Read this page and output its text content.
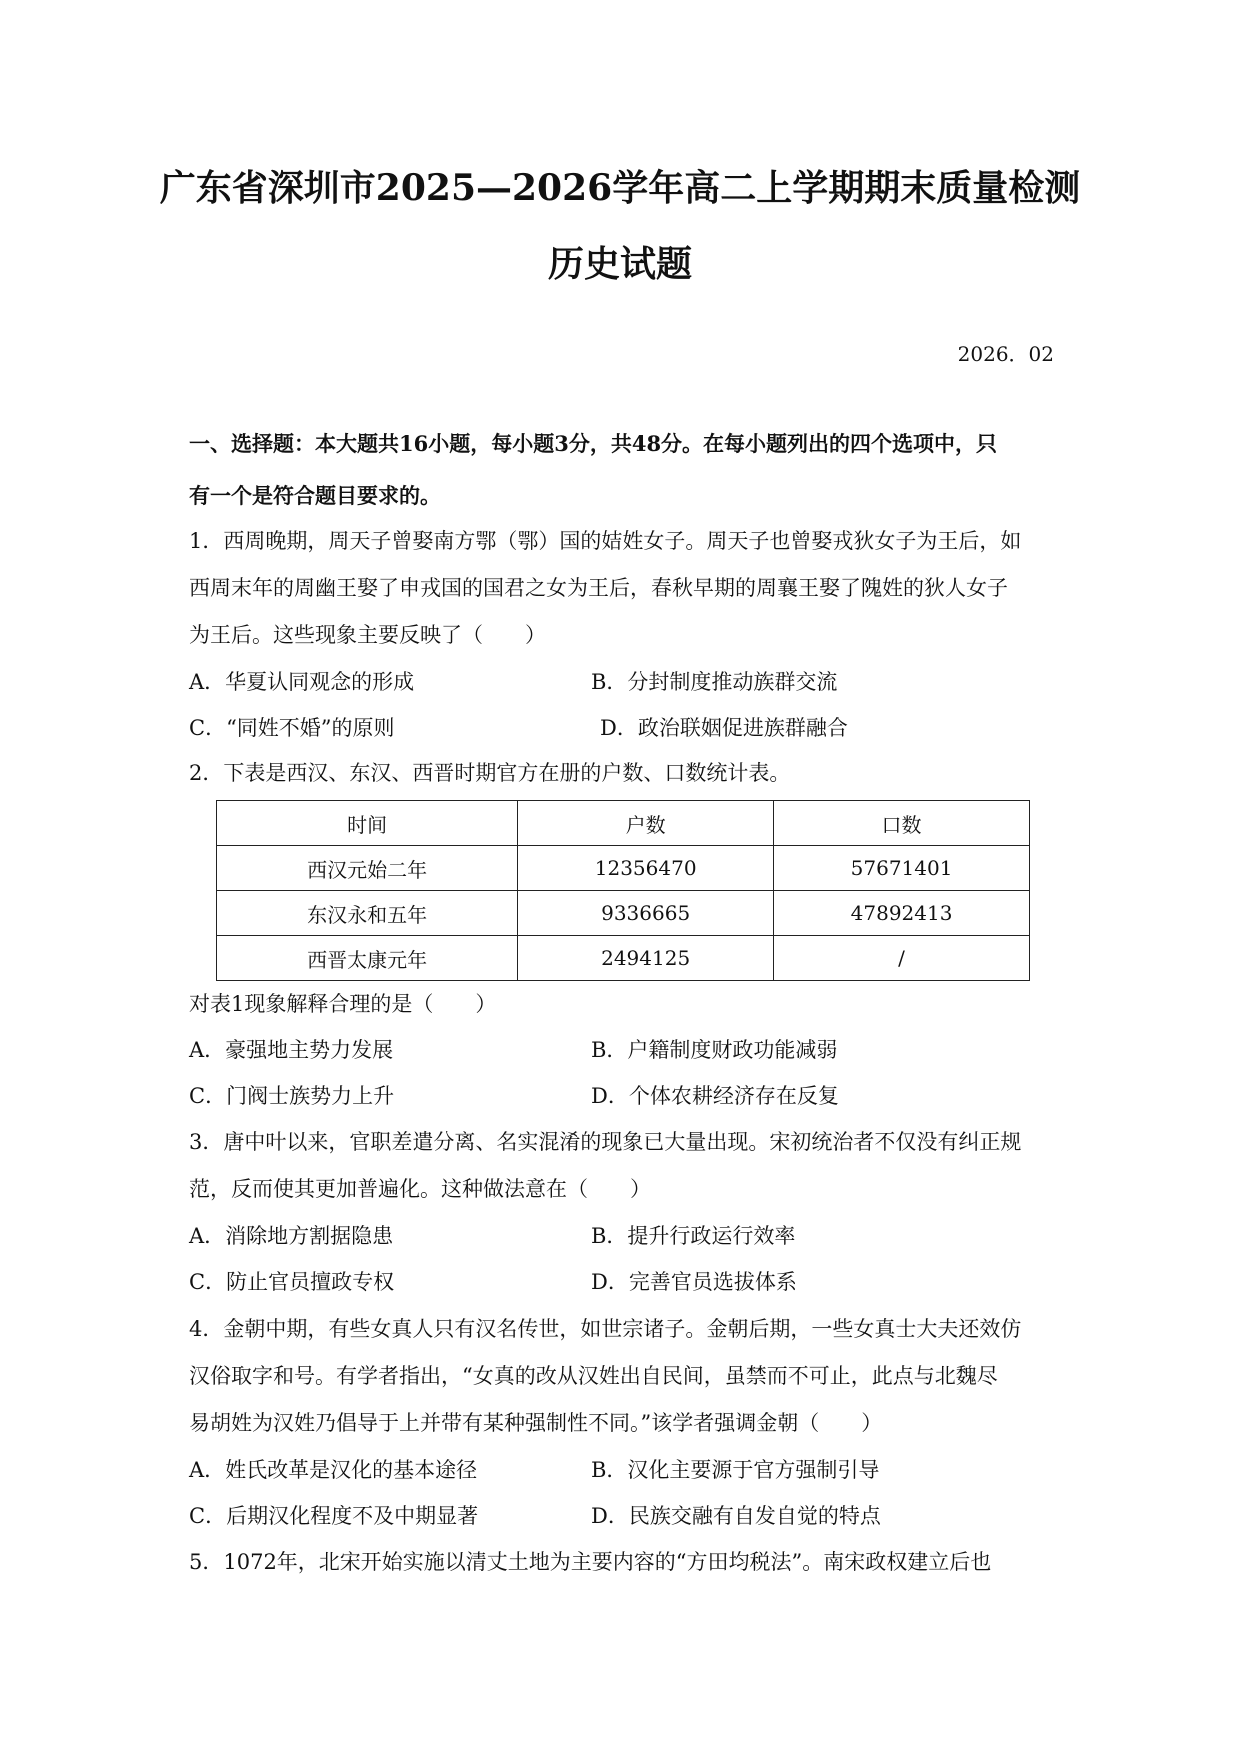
广东省深圳市2025—2026学年高二上学期期末质量检测
历史试题
2026．02
一、选择题：本大题共16小题，每小题3分，共48分。在每小题列出的四个选项中，只
有一个是符合题目要求的。
1．西周晚期，周天子曾娶南方鄂（鄂）国的姞姓女子。周天子也曾娶戎狄女子为王后，如
西周末年的周幽王娶了申戎国的国君之女为王后，春秋早期的周襄王娶了隗姓的狄人女子
为王后。这些现象主要反映了（　　）
A．华夏认同观念的形成	B．分封制度推动族群交流
C．“同姓不婚”的原则	D．政治联姻促进族群融合
2．下表是西汉、东汉、西晋时期官方在册的户数、口数统计表。
时间	户数	口数
西汉元始二年	12356470	57671401
东汉永和五年	9336665	47892413
西晋太康元年	2494125	/
对表1现象解释合理的是（　　）
A．豪强地主势力发展	B．户籍制度财政功能减弱
C．门阀士族势力上升	D．个体农耕经济存在反复
3．唐中叶以来，官职差遣分离、名实混淆的现象已大量出现。宋初统治者不仅没有纠正规
范，反而使其更加普遍化。这种做法意在（　　）
A．消除地方割据隐患	B．提升行政运行效率
C．防止官员擅政专权	D．完善官员选拔体系
4．金朝中期，有些女真人只有汉名传世，如世宗诸子。金朝后期，一些女真士大夫还效仿
汉俗取字和号。有学者指出，“女真的改从汉姓出自民间，虽禁而不可止，此点与北魏尽
易胡姓为汉姓乃倡导于上并带有某种强制性不同。”该学者强调金朝（　　）
A．姓氏改革是汉化的基本途径	B．汉化主要源于官方强制引导
C．后期汉化程度不及中期显著	D．民族交融有自发自觉的特点
5．1072年，北宋开始实施以清丈土地为主要内容的“方田均税法”。南宋政权建立后也
